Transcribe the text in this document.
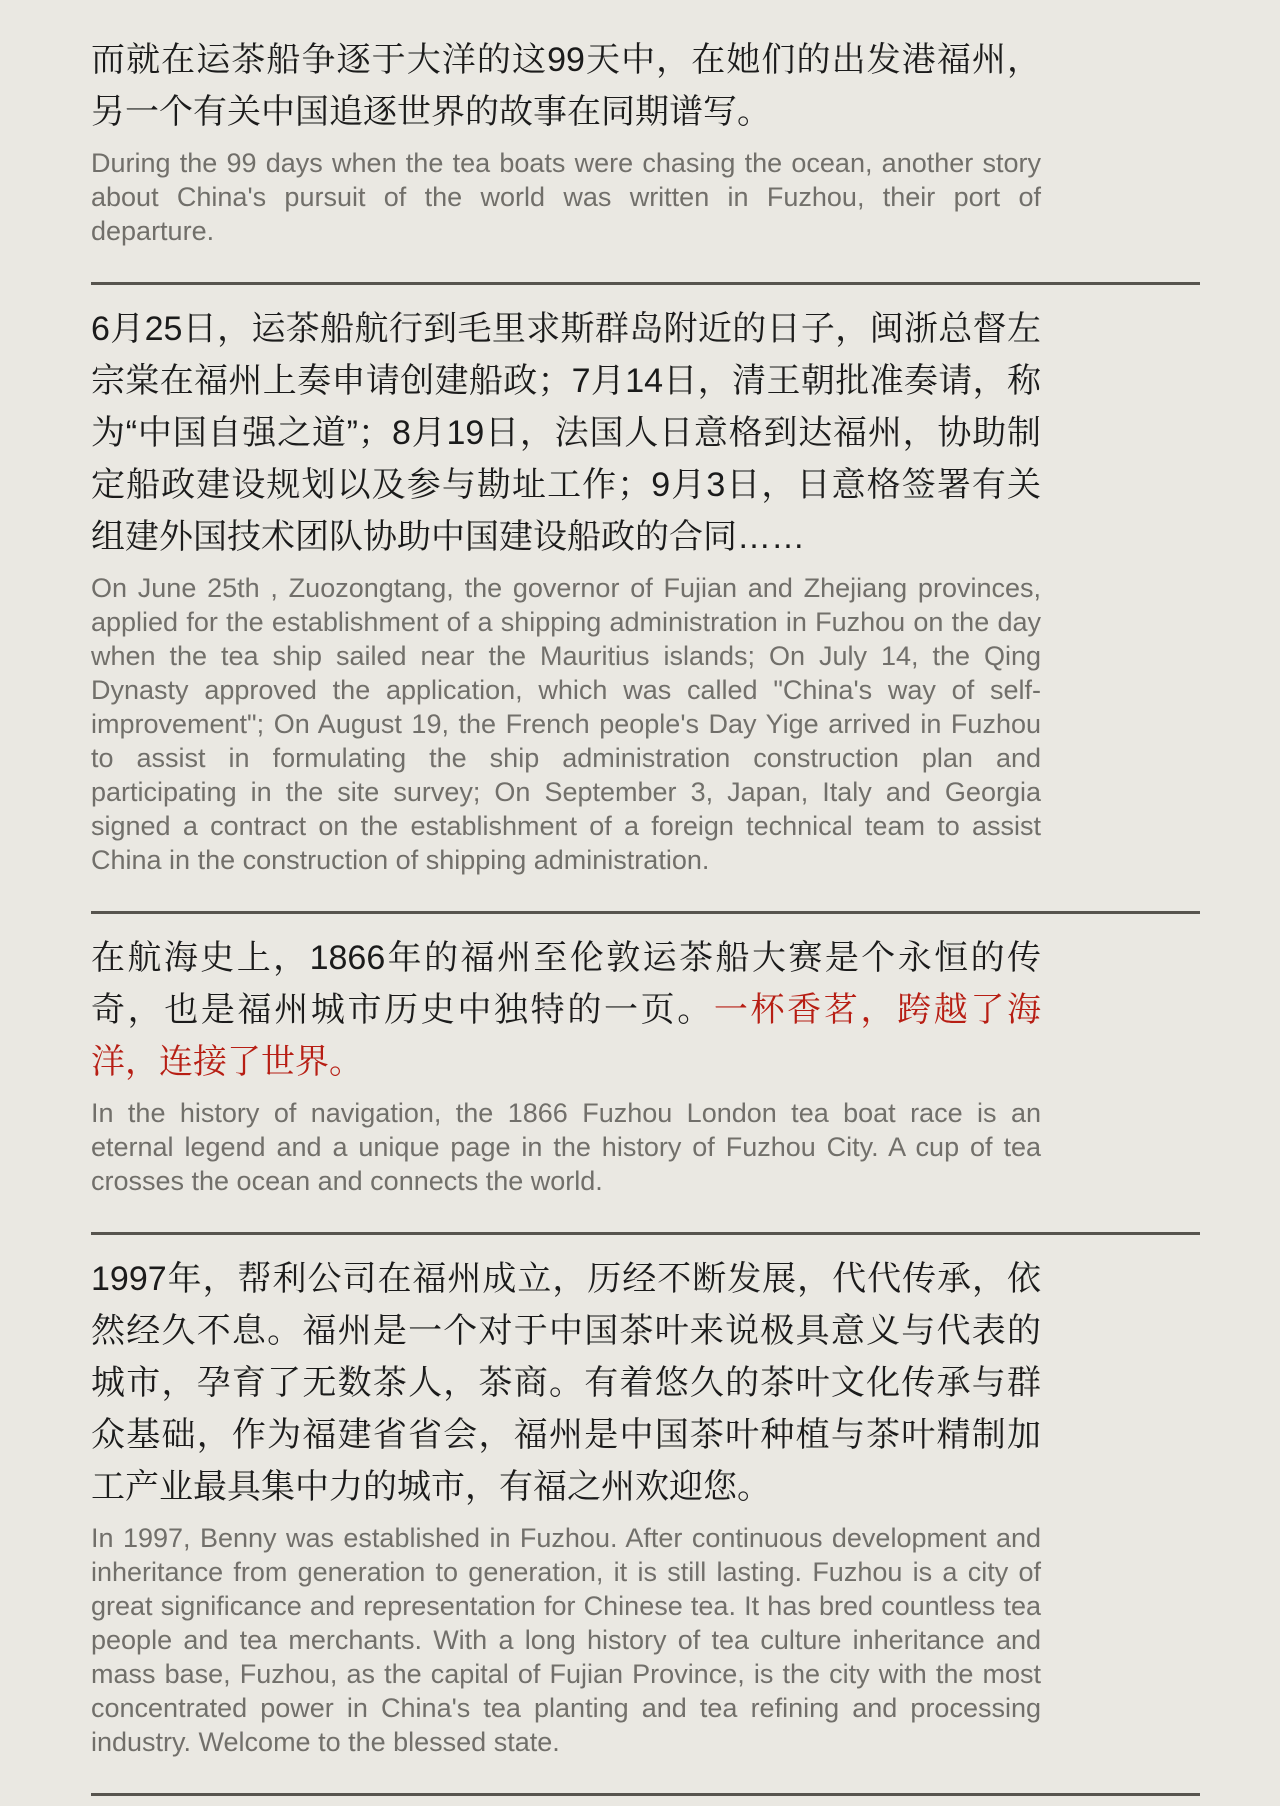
而就在运茶船争逐于大洋的这99天中，在她们的出发港福州，另一个有关中国追逐世界的故事在同期谱写。

During the 99 days when the tea boats were chasing the ocean, another story about China's pursuit of the world was written in Fuzhou, their port of departure.

6月25日，运茶船航行到毛里求斯群岛附近的日子，闽浙总督左宗棠在福州上奏申请创建船政；7月14日，清王朝批准奏请，称为“中国自强之道”；8月19日，法国人日意格到达福州，协助制定船政建设规划以及参与勘址工作；9月3日，日意格签署有关组建外国技术团队协助中国建设船政的合同……

On June 25th , Zuozongtang, the governor of Fujian and Zhejiang provinces, applied for the establishment of a shipping administration in Fuzhou on the day when the tea ship sailed near the Mauritius islands; On July 14, the Qing Dynasty approved the application, which was called "China's way of self-improvement"; On August 19, the French people's Day Yige arrived in Fuzhou to assist in formulating the ship administration construction plan and participating in the site survey; On September 3, Japan, Italy and Georgia signed a contract on the establishment of a foreign technical team to assist China in the construction of shipping administration.

在航海史上，1866年的福州至伦敦运茶船大赛是个永恒的传奇，也是福州城市历史中独特的一页。一杯香茗，跨越了海洋，连接了世界。

In the history of navigation, the 1866 Fuzhou London tea boat race is an eternal legend and a unique page in the history of Fuzhou City. A cup of tea crosses the ocean and connects the world.

1997年，帮利公司在福州成立，历经不断发展，代代传承，依然经久不息。福州是一个对于中国茶叶来说极具意义与代表的城市，孕育了无数茶人，茶商。有着悠久的茶叶文化传承与群众基础，作为福建省省会，福州是中国茶叶种植与茶叶精制加工产业最具集中力的城市，有福之州欢迎您。

In 1997, Benny was established in Fuzhou. After continuous development and inheritance from generation to generation, it is still lasting. Fuzhou is a city of great significance and representation for Chinese tea. It has bred countless tea people and tea merchants. With a long history of tea culture inheritance and mass base, Fuzhou, as the capital of Fujian Province, is the city with the most concentrated power in China's tea planting and tea refining and processing industry. Welcome to the blessed state.
